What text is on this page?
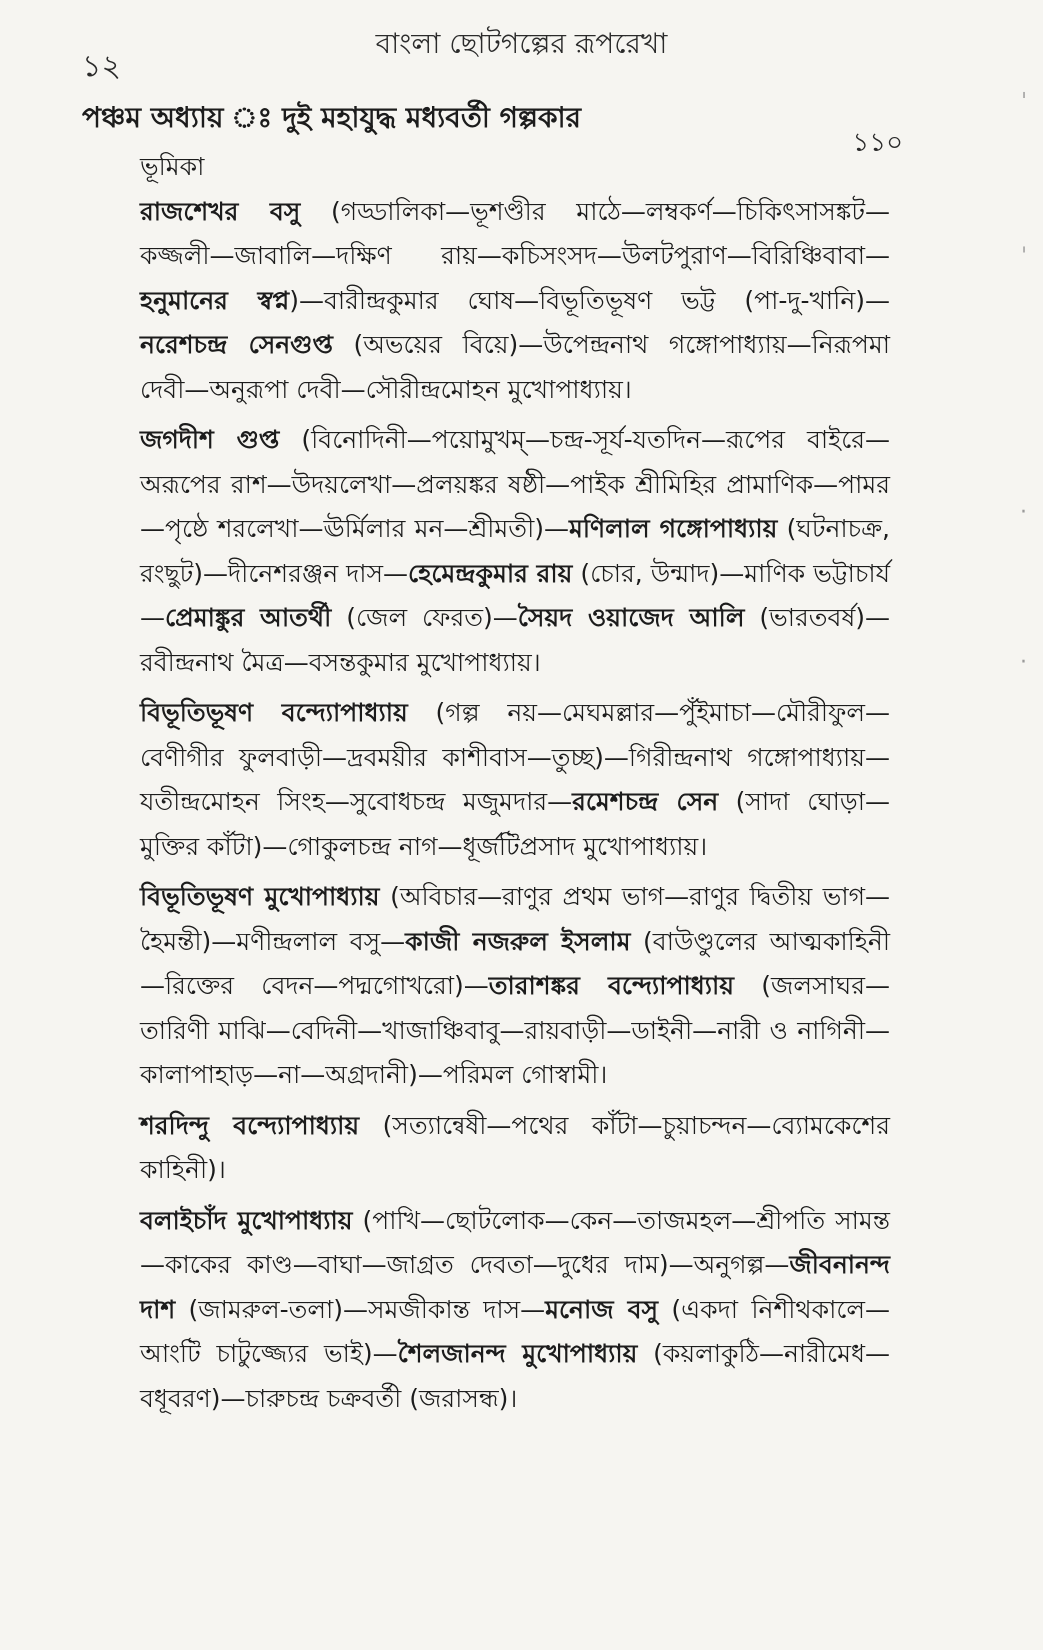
বাংলা ছোটগল্পের রূপরেখা
১২
পঞ্চম অধ্যায় ঃ দুই মহাযুদ্ধ মধ্যবর্তী গল্পকার
১১০
ভূমিকা

রাজশেখর বসু (গড্ডালিকা—ভূশণ্ডীর মাঠে—লম্বকর্ণ—চিকিৎসাসঙ্কট—কজ্জলী—জাবালি—দক্ষিণ রায়—কচিসংসদ—উলটপুরাণ—বিরিঞ্চিবাবা—হনুমানের স্বপ্ন)—বারীন্দ্রকুমার ঘোষ—বিভূতিভূষণ ভট্ট (পা-দু-খানি)—নরেশচন্দ্র সেনগুপ্ত (অভয়ের বিয়ে)—উপেন্দ্রনাথ গঙ্গোপাধ্যায়—নিরূপমা দেবী—অনুরূপা দেবী—সৌরীন্দ্রমোহন মুখোপাধ্যায়।

জগদীশ গুপ্ত (বিনোদিনী—পয়োমুখম্—চন্দ্র-সূর্য-যতদিন—রূপের বাইরে—অরূপের রাশ—উদয়লেখা—প্রলয়ঙ্কর ষষ্ঠী—পাইক শ্রীমিহির প্রামাণিক—পামর—পৃষ্ঠে শরলেখা—ঊর্মিলার মন—শ্রীমতী)—মণিলাল গঙ্গোপাধ্যায় (ঘটনাচক্র, রংছুট)—দীনেশরঞ্জন দাস—হেমেন্দ্রকুমার রায় (চোর, উন্মাদ)—মাণিক ভট্টাচার্য—প্রেমাঙ্কুর আতর্থী (জেল ফেরত)—সৈয়দ ওয়াজেদ আলি (ভারতবর্ষ)—রবীন্দ্রনাথ মৈত্র—বসন্তকুমার মুখোপাধ্যায়।

বিভূতিভূষণ বন্দ্যোপাধ্যায় (গল্প নয়—মেঘমল্লার—পুঁইমাচা—মৌরীফুল—বেণীগীর ফুলবাড়ী—দ্রবময়ীর কাশীবাস—তুচ্ছ)—গিরীন্দ্রনাথ গঙ্গোপাধ্যায়—যতীন্দ্রমোহন সিংহ—সুবোধচন্দ্র মজুমদার—রমেশচন্দ্র সেন (সাদা ঘোড়া—মুক্তির কাঁটা)—গোকুলচন্দ্র নাগ—ধূর্জটিপ্রসাদ মুখোপাধ্যায়।

বিভূতিভূষণ মুখোপাধ্যায় (অবিচার—রাণুর প্রথম ভাগ—রাণুর দ্বিতীয় ভাগ—হৈমন্তী)—মণীন্দ্রলাল বসু—কাজী নজরুল ইসলাম (বাউণ্ডুলের আত্মকাহিনী—রিক্তের বেদন—পদ্মগোখরো)—তারাশঙ্কর বন্দ্যোপাধ্যায় (জলসাঘর—তারিণী মাঝি—বেদিনী—খাজাঞ্চিবাবু—রায়বাড়ী—ডাইনী—নারী ও নাগিনী—কালাপাহাড়—না—অগ্রদানী)—পরিমল গোস্বামী।

শরদিন্দু বন্দ্যোপাধ্যায় (সত্যান্বেষী—পথের কাঁটা—চুয়াচন্দন—ব্যোমকেশের কাহিনী)।

বলাইচাঁদ মুখোপাধ্যায় (পাখি—ছোটলোক—কেন—তাজমহল—শ্রীপতি সামন্ত—কাকের কাণ্ড—বাঘা—জাগ্রত দেবতা—দুধের দাম)—অনুগল্প—জীবনানন্দ দাশ (জামরুল-তলা)—সমজীকান্ত দাস—মনোজ বসু (একদা নিশীথকালে—আংটি চাটুজ্জ্যের ভাই)—শৈলজানন্দ মুখোপাধ্যায় (কয়লাকুঠি—নারীমেধ—বধূবরণ)—চারুচন্দ্র চক্রবর্তী (জরাসন্ধ)।

ˈ
ˌ
·
·
